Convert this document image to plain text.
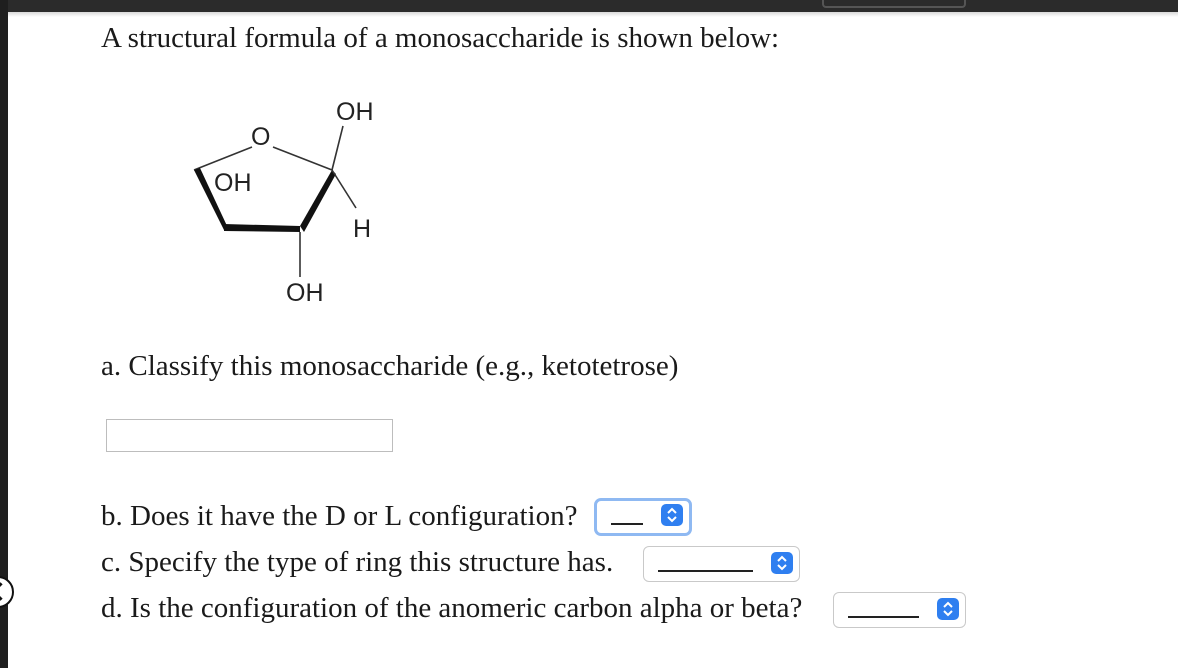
A structural formula of a monosaccharide is shown below:
O
OH
OH
H
OH
a. Classify this monosaccharide (e.g., ketotetrose)
b. Does it have the D or L configuration?
c. Specify the type of ring this structure has.
d. Is the configuration of the anomeric carbon alpha or beta?
